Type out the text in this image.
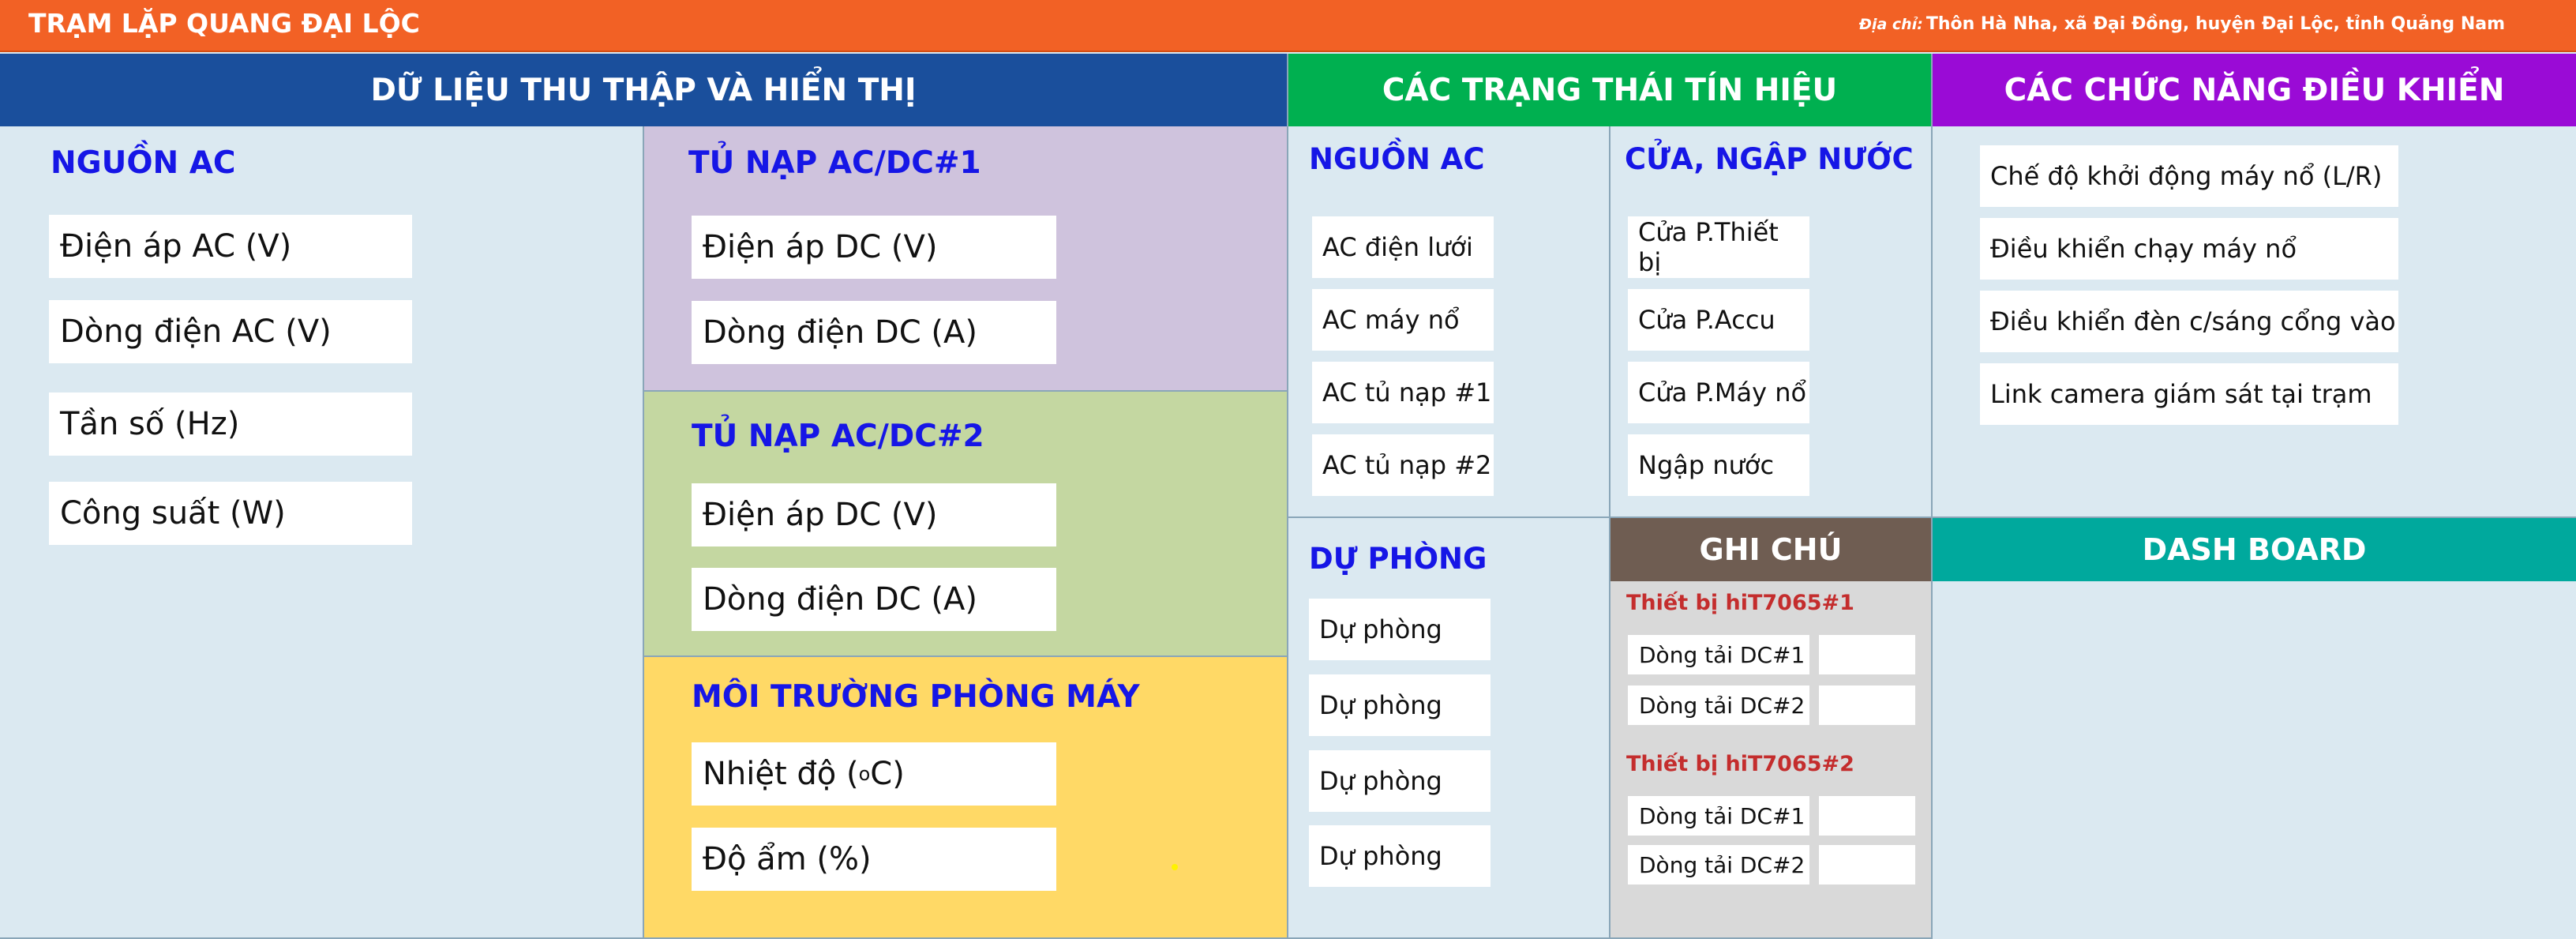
TRẠM LẶP QUANG ĐẠI LỘC	Địa chỉ: Thôn Hà Nha, xã Đại Đồng, huyện Đại Lộc, tỉnh Quảng Nam
DỮ LIỆU THU THẬP VÀ HIỂN THỊ	CÁC TRẠNG THÁI TÍN HIỆU	CÁC CHỨC NĂNG ĐIỀU KHIỂN
NGUỒN AC
Điện áp AC (V)
Dòng điện AC (V)
Tần số (Hz)
Công suất (W)
TỦ NẠP AC/DC#1
Điện áp DC (V)
Dòng điện DC (A)
TỦ NẠP AC/DC#2
Điện áp DC (V)
Dòng điện DC (A)
MÔI TRƯỜNG PHÒNG MÁY
Nhiệt độ ( o C)
Độ ẩm (%)
NGUỒN AC
AC điện lưới
AC máy nổ
AC tủ nạp #1
AC tủ nạp #2
CỬA, NGẬP NƯỚC
Cửa P.Thiết bị
Cửa P.Accu
Cửa P.Máy nổ
Ngập nước
DỰ PHÒNG
Dự phòng
Dự phòng
Dự phòng
Dự phòng
GHI CHÚ
Thiết bị hiT7065#1
Dòng tải DC#1
Dòng tải DC#2
Thiết bị hiT7065#2
Dòng tải DC#1
Dòng tải DC#2
Chế độ khởi động máy nổ (L/R)
Điều khiển chạy máy nổ
Điều khiển đèn c/sáng cổng vào
Link camera giám sát tại trạm
DASH BOARD
